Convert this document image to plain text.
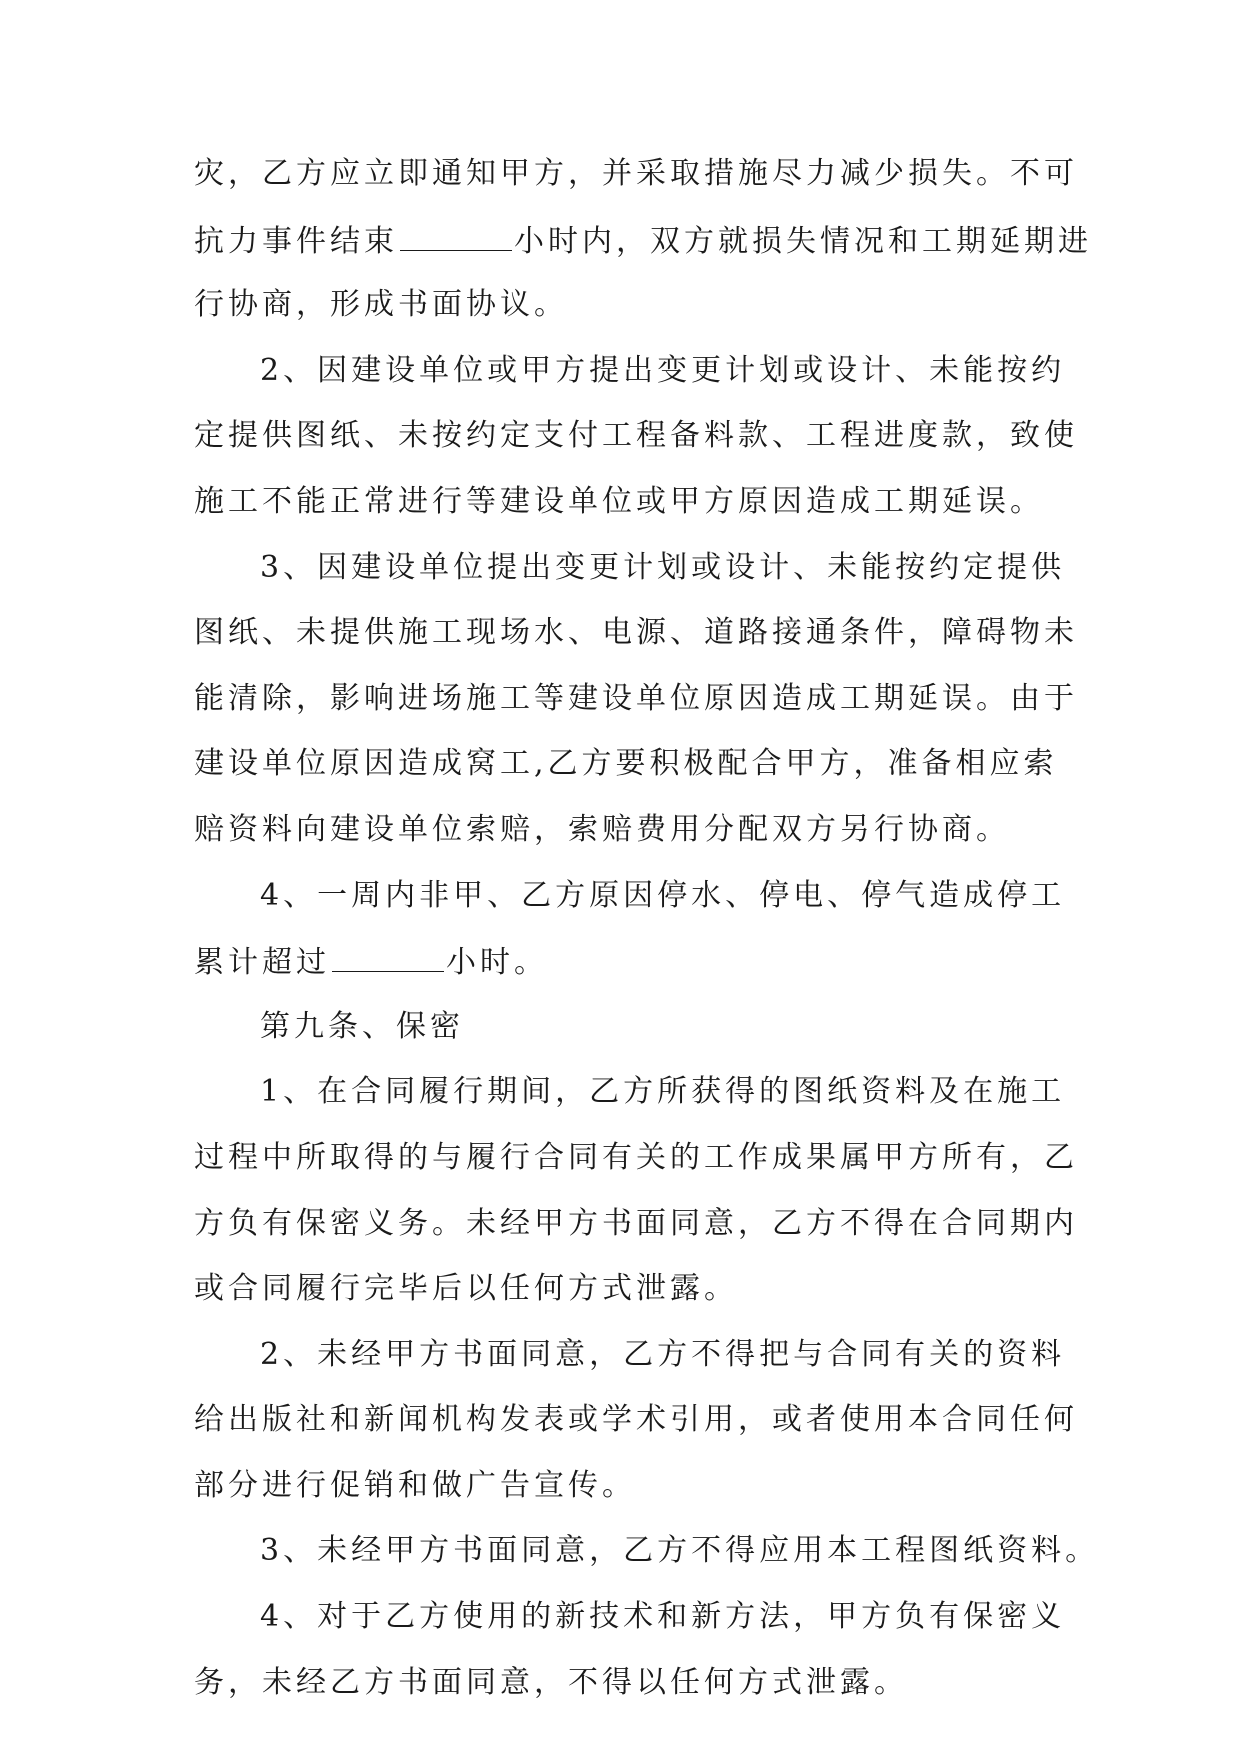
灾，乙方应立即通知甲方，并采取措施尽力减少损失。不可
抗力事件结束	小时内，双方就损失情况和工期延期进
行协商，形成书面协议。
2、因建设单位或甲方提出变更计划或设计、未能按约
定提供图纸、未按约定支付工程备料款、工程进度款，致使
施工不能正常进行等建设单位或甲方原因造成工期延误。
3、因建设单位提出变更计划或设计、未能按约定提供
图纸、未提供施工现场水、电源、道路接通条件，障碍物未
能清除，影响进场施工等建设单位原因造成工期延误。由于
建设单位原因造成窝工,乙方要积极配合甲方，准备相应索
赔资料向建设单位索赔，索赔费用分配双方另行协商。
4、一周内非甲、乙方原因停水、停电、停气造成停工
累计超过	小时。
第九条、保密
1、在合同履行期间，乙方所获得的图纸资料及在施工
过程中所取得的与履行合同有关的工作成果属甲方所有，乙
方负有保密义务。未经甲方书面同意，乙方不得在合同期内
或合同履行完毕后以任何方式泄露。
2、未经甲方书面同意，乙方不得把与合同有关的资料
给出版社和新闻机构发表或学术引用，或者使用本合同任何
部分进行促销和做广告宣传。
3、未经甲方书面同意，乙方不得应用本工程图纸资料。
4、对于乙方使用的新技术和新方法，甲方负有保密义
务，未经乙方书面同意，不得以任何方式泄露。
